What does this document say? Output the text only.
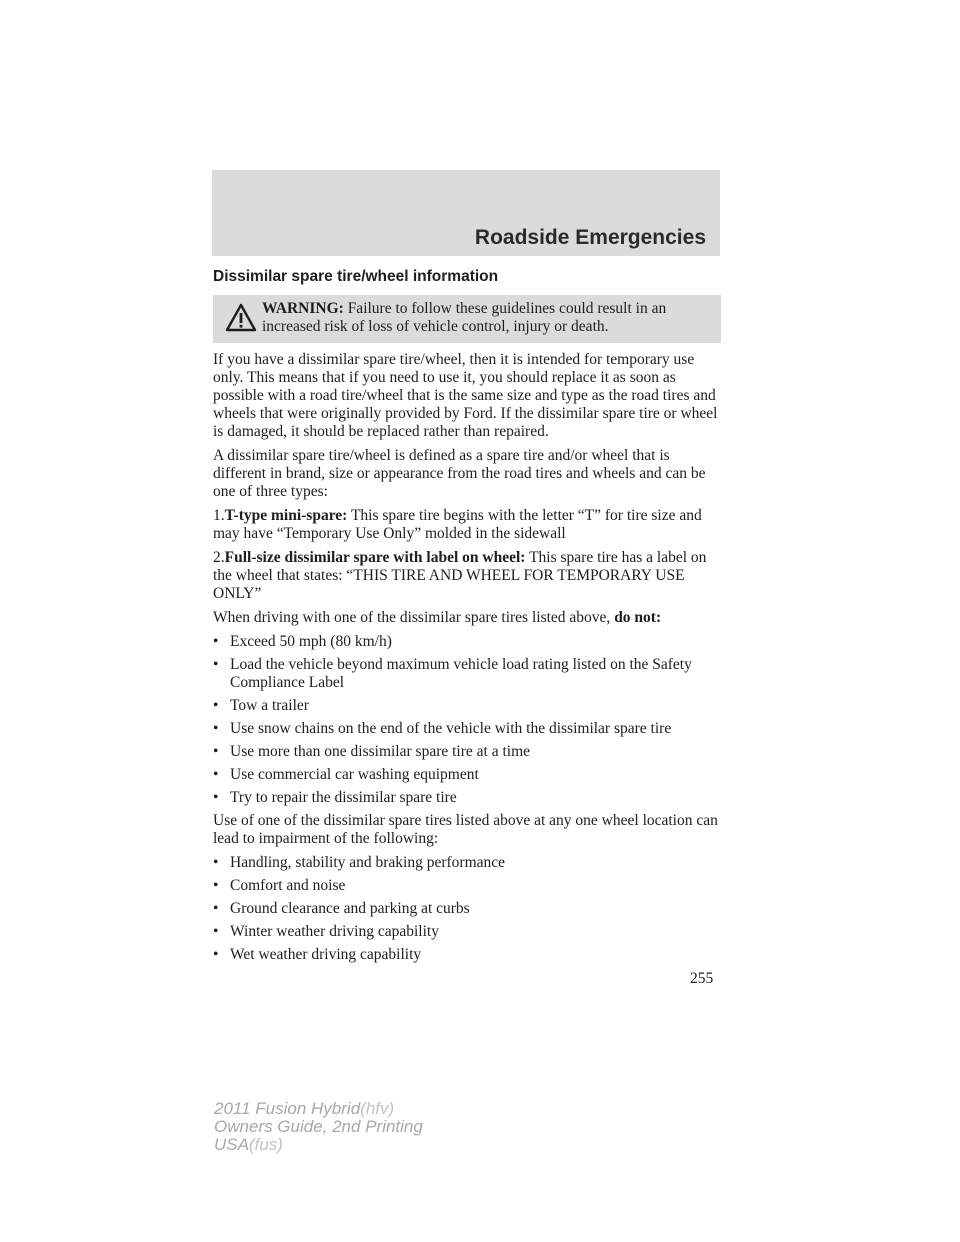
Roadside Emergencies
Dissimilar spare tire/wheel information
WARNING: Failure to follow these guidelines could result in an increased risk of loss of vehicle control, injury or death.

If you have a dissimilar spare tire/wheel, then it is intended for temporary use only. This means that if you need to use it, you should replace it as soon as possible with a road tire/wheel that is the same size and type as the road tires and wheels that were originally provided by Ford. If the dissimilar spare tire or wheel is damaged, it should be replaced rather than repaired.

A dissimilar spare tire/wheel is defined as a spare tire and/or wheel that is different in brand, size or appearance from the road tires and wheels and can be one of three types:

1.T-type mini-spare: This spare tire begins with the letter “T” for tire size and may have “Temporary Use Only” molded in the sidewall

2.Full-size dissimilar spare with label on wheel: This spare tire has a label on the wheel that states: “THIS TIRE AND WHEEL FOR TEMPORARY USE ONLY”

When driving with one of the dissimilar spare tires listed above, do not:

• Exceed 50 mph (80 km/h)
• Load the vehicle beyond maximum vehicle load rating listed on the Safety Compliance Label
• Tow a trailer
• Use snow chains on the end of the vehicle with the dissimilar spare tire
• Use more than one dissimilar spare tire at a time
• Use commercial car washing equipment
• Try to repair the dissimilar spare tire

Use of one of the dissimilar spare tires listed above at any one wheel location can lead to impairment of the following:

• Handling, stability and braking performance
• Comfort and noise
• Ground clearance and parking at curbs
• Winter weather driving capability
• Wet weather driving capability
255
2011 Fusion Hybrid(hfv)
Owners Guide, 2nd Printing
USA(fus)
